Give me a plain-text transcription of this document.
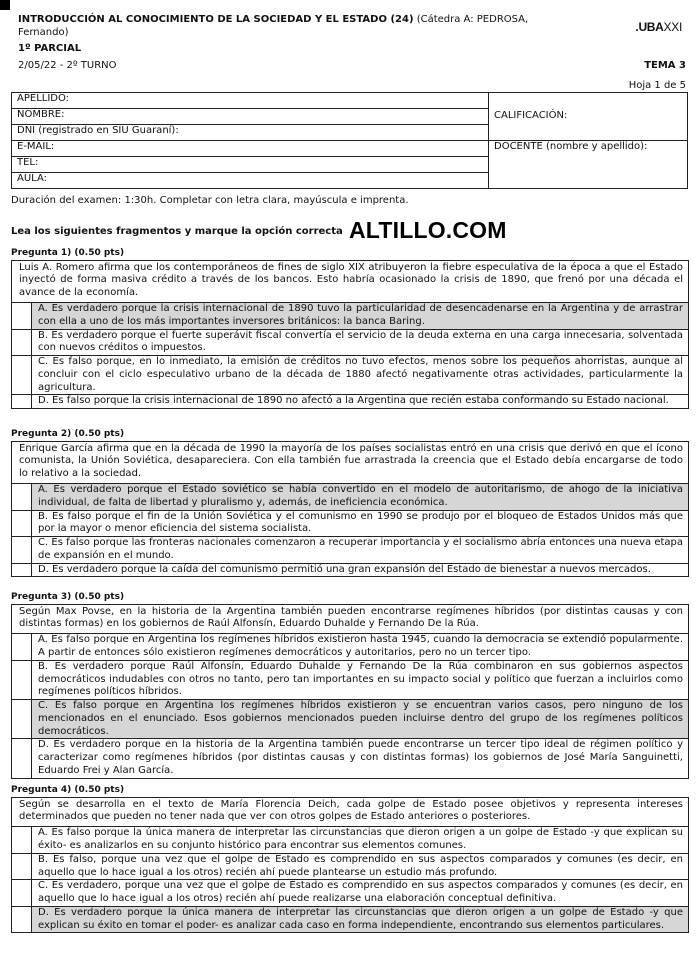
INTRODUCCIÓN AL CONOCIMIENTO DE LA SOCIEDAD Y EL ESTADO (24) (Cátedra A: PEDROSA, Fernando)
1º PARCIAL
2/05/22 - 2º TURNO
.UBAXXI
TEMA 3
Hoja 1 de 5
APELLIDO:	CALIFICACIÓN:
NOMBRE:	
DNI (registrado en SIU Guaraní):	
E-MAIL:	DOCENTE (nombre y apellido):
TEL:	
AULA:	
Duración del examen: 1:30h. Completar con letra clara, mayúscula e imprenta.
Lea los siguientes fragmentos y marque la opción correcta ALTILLO.COM
Pregunta 1) (0.50 pts)
Luis A. Romero afirma que los contemporáneos de fines de siglo XIX atribuyeron la fiebre especulativa de la época a que el Estado inyectó de forma masiva crédito a través de los bancos. Esto habría ocasionado la crisis de 1890, que frenó por una década el avance de la economía.
A. Es verdadero porque la crisis internacional de 1890 tuvo la particularidad de desencadenarse en la Argentina y de arrastrar con ella a uno de los más importantes inversores británicos: la banca Baring.
B. Es verdadero porque el fuerte superávit fiscal convertía el servicio de la deuda externa en una carga innecesaria, solventada con nuevos créditos o impuestos.
C. Es falso porque, en lo inmediato, la emisión de créditos no tuvo efectos, menos sobre los pequeños ahorristas, aunque al concluir con el ciclo especulativo urbano de la década de 1880 afectó negativamente otras actividades, particularmente la agricultura.
D. Es falso porque la crisis internacional de 1890 no afectó a la Argentina que recién estaba conformando su Estado nacional.
Pregunta 2) (0.50 pts)
Enrique García afirma que en la década de 1990 la mayoría de los países socialistas entró en una crisis que derivó en que el ícono comunista, la Unión Soviética, desapareciera. Con ella también fue arrastrada la creencia que el Estado debía encargarse de todo lo relativo a la sociedad.
A. Es verdadero porque el Estado soviético se había convertido en el modelo de autoritarismo, de ahogo de la iniciativa individual, de falta de libertad y pluralismo y, además, de ineficiencia económica.
B. Es falso porque el fin de la Unión Soviética y el comunismo en 1990 se produjo por el bloqueo de Estados Unidos más que por la mayor o menor eficiencia del sistema socialista.
C. Es falso porque las fronteras nacionales comenzaron a recuperar importancia y el socialismo abría entonces una nueva etapa de expansión en el mundo.
D. Es verdadero porque la caída del comunismo permitió una gran expansión del Estado de bienestar a nuevos mercados.
Pregunta 3) (0.50 pts)
Según Max Povse, en la historia de la Argentina también pueden encontrarse regímenes híbridos (por distintas causas y con distintas formas) en los gobiernos de Raúl Alfonsín, Eduardo Duhalde y Fernando De la Rúa.
A. Es falso porque en Argentina los regímenes híbridos existieron hasta 1945, cuando la democracia se extendió popularmente. A partir de entonces sólo existieron regímenes democráticos y autoritarios, pero no un tercer tipo.
B. Es verdadero porque Raúl Alfonsín, Eduardo Duhalde y Fernando De la Rúa combinaron en sus gobiernos aspectos democráticos indudables con otros no tanto, pero tan importantes en su impacto social y político que fuerzan a incluirlos como regímenes políticos híbridos.
C. Es falso porque en Argentina los regímenes híbridos existieron y se encuentran varios casos, pero ninguno de los mencionados en el enunciado. Esos gobiernos mencionados pueden incluirse dentro del grupo de los regímenes políticos democráticos.
D. Es verdadero porque en la historia de la Argentina también puede encontrarse un tercer tipo ideal de régimen político y caracterizar como regímenes híbridos (por distintas causas y con distintas formas) los gobiernos de José María Sanguinetti, Eduardo Frei y Alan García.
Pregunta 4) (0.50 pts)
Según se desarrolla en el texto de María Florencia Deich, cada golpe de Estado posee objetivos y representa intereses determinados que pueden no tener nada que ver con otros golpes de Estado anteriores o posteriores.
A. Es falso porque la única manera de interpretar las circunstancias que dieron origen a un golpe de Estado -y que explican su éxito- es analizarlos en su conjunto histórico para encontrar sus elementos comunes.
B. Es falso, porque una vez que el golpe de Estado es comprendido en sus aspectos comparados y comunes (es decir, en aquello que lo hace igual a los otros) recién ahí puede plantearse un estudio más profundo.
C. Es verdadero, porque una vez que el golpe de Estado es comprendido en sus aspectos comparados y comunes (es decir, en aquello que lo hace igual a los otros) recién ahí puede realizarse una elaboración conceptual definitiva.
D. Es verdadero porque la única manera de interpretar las circunstancias que dieron origen a un golpe de Estado -y que explican su éxito en tomar el poder- es analizar cada caso en forma independiente, encontrando sus elementos particulares.
